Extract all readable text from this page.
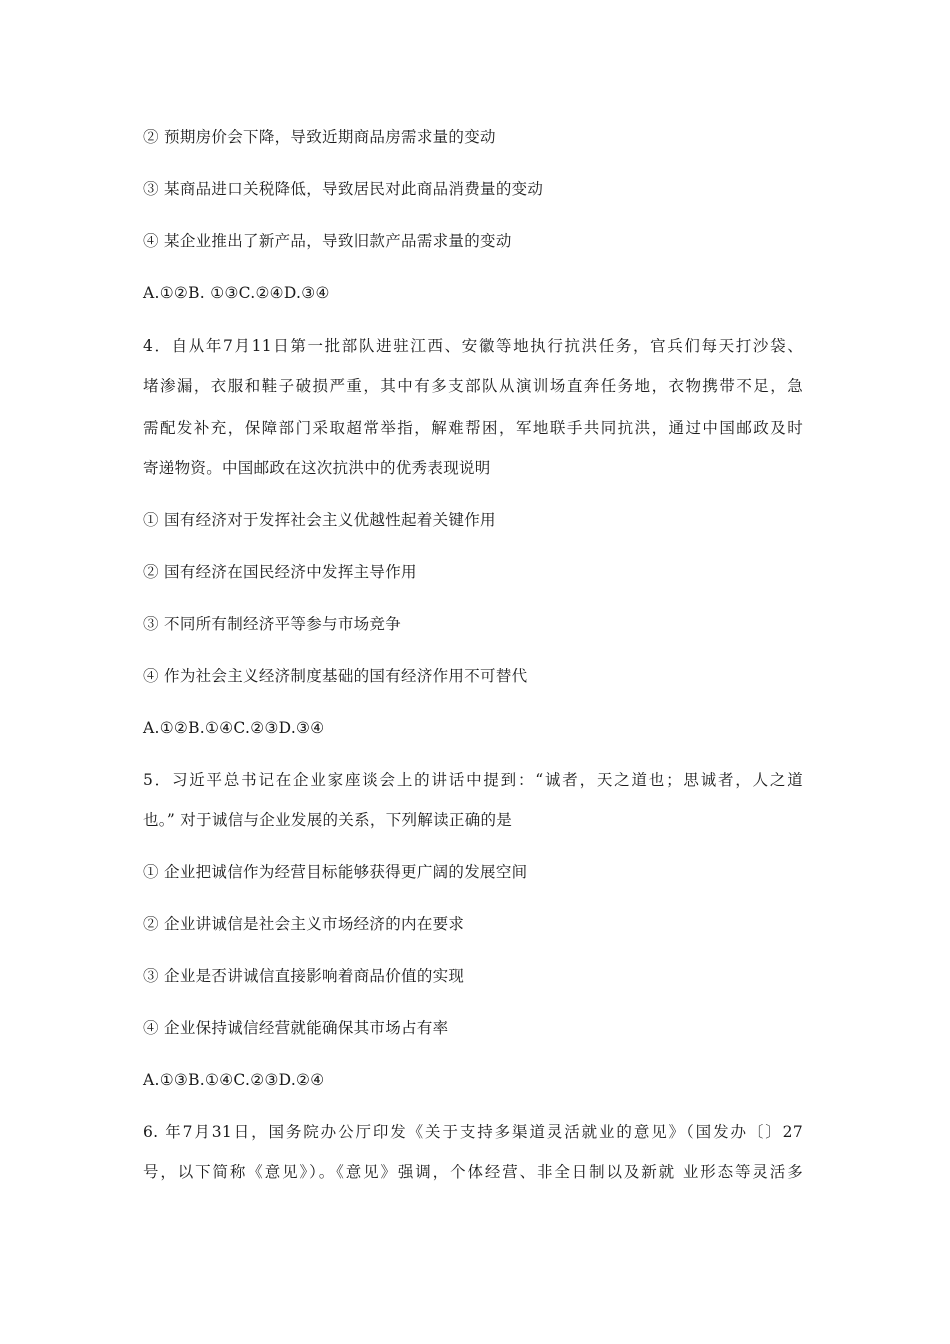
② 预期房价会下降，导致近期商品房需求量的变动
③ 某商品进口关税降低，导致居民对此商品消费量的变动
④ 某企业推出了新产品，导致旧款产品需求量的变动
A.①②B. ①③C.②④D.③④
4．自从年7月11日第一批部队进驻江西、安徽等地执行抗洪任务，官兵们每天打沙袋、
堵渗漏，衣服和鞋子破损严重，其中有多支部队从演训场直奔任务地，衣物携带不足，急
需配发补充，保障部门采取超常举指，解难帮困，军地联手共同抗洪，通过中国邮政及时
寄递物资。中国邮政在这次抗洪中的优秀表现说明
① 国有经济对于发挥社会主义优越性起着关键作用
② 国有经济在国民经济中发挥主导作用
③ 不同所有制经济平等参与市场竞争
④ 作为社会主义经济制度基础的国有经济作用不可替代
A.①②B.①④C.②③D.③④
5．习近平总书记在企业家座谈会上的讲话中提到：“诚者，天之道也；思诚者，人之道
也。” 对于诚信与企业发展的关系，下列解读正确的是
① 企业把诚信作为经营目标能够获得更广阔的发展空间
② 企业讲诚信是社会主义市场经济的内在要求
③ 企业是否讲诚信直接影响着商品价值的实现
④ 企业保持诚信经营就能确保其市场占有率
A.①③B.①④C.②③D.②④
6. 年7月31日，国务院办公厅印发《关于支持多渠道灵活就业的意见》（国发办〔〕27
号，以下简称《意见》）。《意见》强调，个体经营、非全日制以及新就 业形态等灵活多
